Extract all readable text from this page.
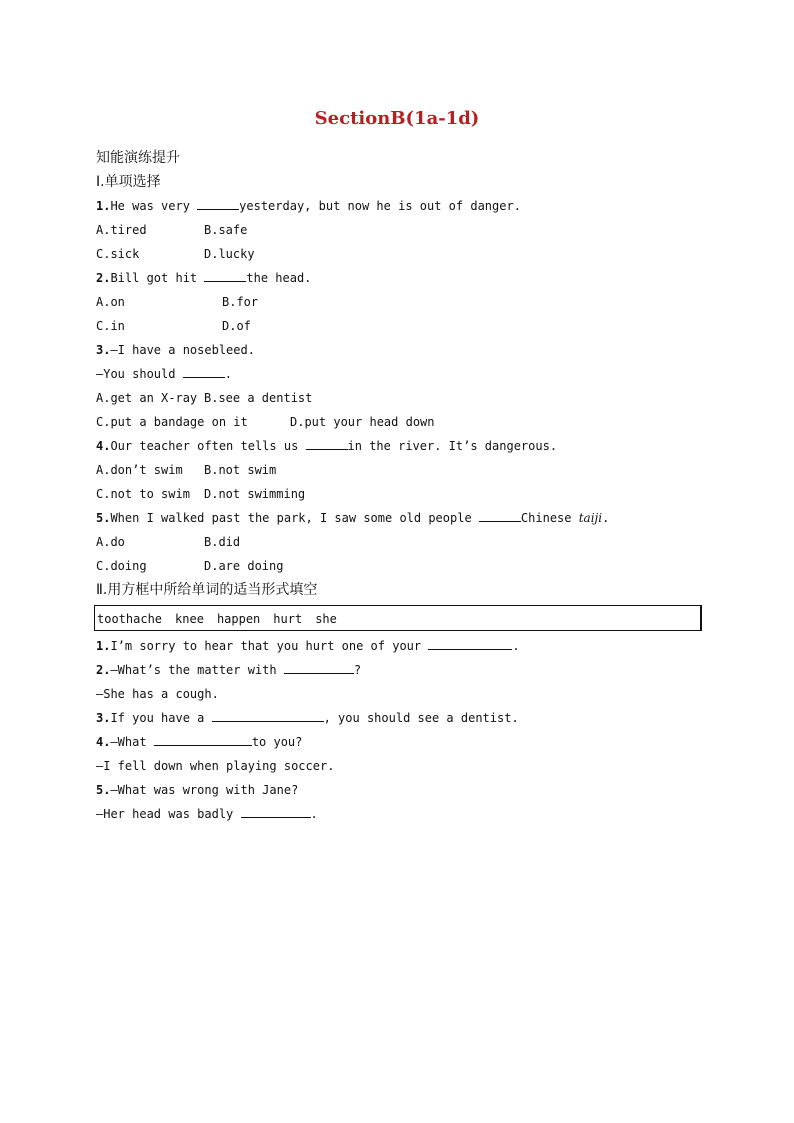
SectionB(1a-1d)
知能演练提升
Ⅰ.单项选择
1.He was very	yesterday, but now he is out of danger.
A.tired	B.safe
C.sick	D.lucky
2.Bill got hit	the head.
A.on	B.for
C.in	D.of
3.—I have a nosebleed.
—You should	.
A.get an X-ray B.see a dentist
C.put a bandage on it	D.put your head down
4.Our teacher often tells us	in the river. It’s dangerous.
A.don’t swim B.not swim
C.not to swim D.not swimming
5.When I walked past the park, I saw some old people	Chinese taiji.
A.do	B.did
C.doing	D.are doing
Ⅱ.用方框中所给单词的适当形式填空
toothache knee happen hurt she
1.I’m sorry to hear that you hurt one of your	.
2.—What’s the matter with	?
—She has a cough.
3.If you have a	, you should see a dentist.
4.—What	to you?
—I fell down when playing soccer.
5.—What was wrong with Jane?
—Her head was badly	.
